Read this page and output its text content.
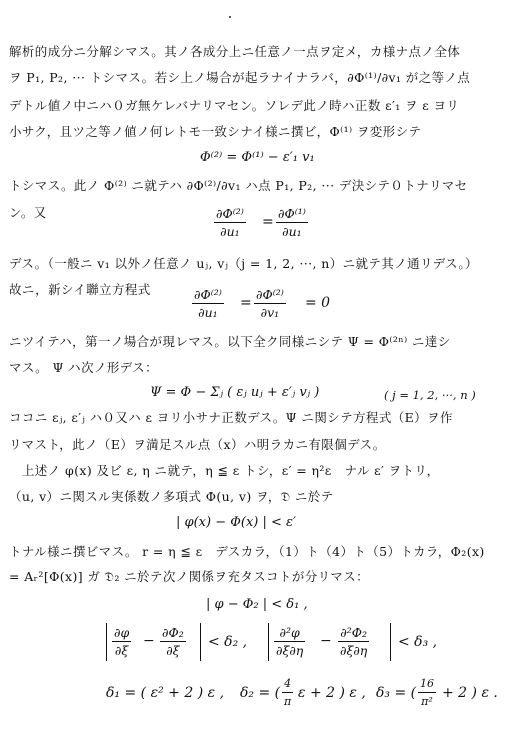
解析的成分ニ分解シマス。其ノ各成分上ニ任意ノ一点ヲ定メ，カ様ナ点ノ全体
ヲ P₁, P₂, ··· トシマス。若シ上ノ場合が起ラナイナラバ，∂Φ⁽¹⁾/∂v₁ が之等ノ点
デトル値ノ中ニハ０ガ無ケレバナリマセン。ソレデ此ノ時ハ正数 ε′₁ ヲ ε ヨリ
小サク，且ツ之等ノ値ノ何レトモ一致シナイ様ニ撰ビ，Φ⁽¹⁾ ヲ変形シテ
Φ⁽²⁾ = Φ⁽¹⁾ − ε′₁ v₁
トシマス。此ノ Φ⁽²⁾ ニ就テハ ∂Φ⁽²⁾/∂v₁ ハ点 P₁, P₂, ··· デ決シテ０トナリマセ
ン。又	$\frac{\text{∂Φ⁽²⁾}}{\text{∂u₁}} = \frac{\text{∂Φ⁽¹⁾}}{\text{∂u₁}}$
デス。（一般ニ v₁ 以外ノ任意ノ uⱼ, vⱼ（j = 1, 2, ···, n）ニ就テ其ノ通リデス。）
故ニ，新シイ聯立方程式	$\frac{\text{∂Φ⁽²⁾}}{\text{∂u₁}} = \frac{\text{∂Φ⁽²⁾}}{\text{∂v₁}} = 0$
ニツイテハ，第一ノ場合が現レマス。以下全ク同様ニシテ Ψ = Φ⁽²ⁿ⁾ ニ達シ
マス。 Ψ ハ次ノ形デス：
Ψ = Φ − Σⱼ ( εⱼ uⱼ + ε′ⱼ vⱼ )	( j = 1, 2, ···, n )
ココニ εⱼ, ε′ⱼ ハ０又ハ ε ヨリ小サナ正数デス。Ψ ニ関シテ方程式（E）ヲ作
リマスト，此ノ（E）ヲ満足スル点（x）ハ明ラカニ有限個デス。
　上述ノ φ(x) 及ビ ε, η ニ就テ，η ≦ ε トシ，ε′ = η²ε　ナル ε′ ヲトリ，
（u, v）ニ関スル実係数ノ多項式 Φ(u, v) ヲ，𝔇 ニ於テ
| φ(x) − Φ(x) | < ε′
トナル様ニ撰ビマス。 r = η ≦ ε　デスカラ，（1）ト（4）ト（5）トカラ，Φ₂(x)
= Aᵣ²[Φ(x)] ガ 𝔇₂ ニ於テ次ノ関係ヲ充タスコトが分リマス：
| φ − Φ₂ | < δ₁ ,
$\frac{\partial\varphi}{\partial\xi} - \frac{\text{∂Φ₂}}{\partial\xi} < \delta_2$ , $\frac{\text{∂²φ}}{\partial\xi\partial\eta} - \frac{\text{∂²Φ₂}}{\partial\xi\partial\eta} < \delta_3$ ,
δ₁ = ( ε² + 2 ) ε , δ₂ = ( $\frac{4}{\pi}$ ε + 2 ) ε , δ₃ = ( $\frac{16}{\text{π²}} + 2$ ) ε .
